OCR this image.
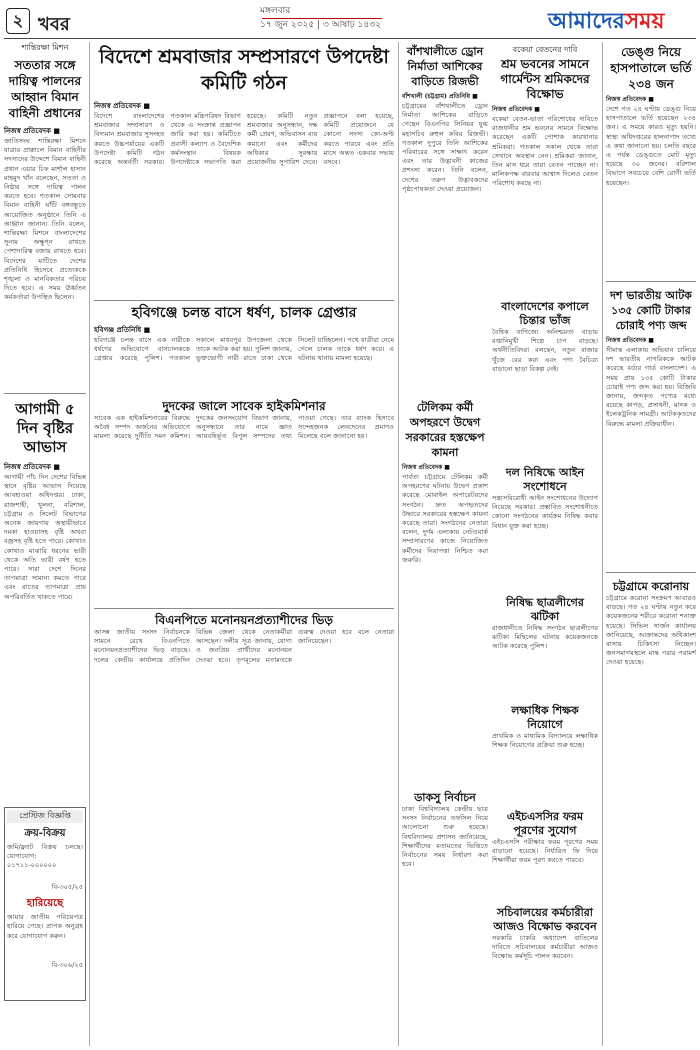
২ খবর
মঙ্গলবার
১৭ জুন ২০২৫ | ৩ আষাঢ় ১৪৩২	আমাদেরসময়
শান্তিরক্ষা মিশন
সততার সঙ্গে দায়িত্ব পালনের আহ্বান বিমান বাহিনী প্রধানের
নিজস্ব প্রতিবেদক ■
জাতিসংঘ শান্তিরক্ষা মিশনে যাত্রার প্রাক্কালে বিমান বাহিনীর সদস্যদের উদ্দেশে বিমান বাহিনী প্রধান এয়ার চিফ মার্শাল হাসান মাহমুদ খাঁন বলেছেন, সততা ও নিষ্ঠার সঙ্গে দায়িত্ব পালন করতে হবে। গতকাল সোমবার বিমান বাহিনী ঘাঁটি বঙ্গবন্ধুতে আয়োজিত অনুষ্ঠানে তিনি এ আহ্বান জানান। তিনি বলেন, শান্তিরক্ষা মিশনে বাংলাদেশের সুনাম অক্ষুণ্ন রাখতে পেশাদারিত্ব বজায় রাখতে হবে। বিদেশের মাটিতে দেশের প্রতিনিধি হিসেবে প্রত্যেককে শৃঙ্খলা ও মানবিকতার পরিচয় দিতে হবে। এ সময় ঊর্ধ্বতন কর্মকর্তারা উপস্থিত ছিলেন।
আগামী ৫ দিন বৃষ্টির আভাস
নিজস্ব প্রতিবেদক ■
আগামী পাঁচ দিন দেশের বিভিন্ন স্থানে বৃষ্টির আভাস দিয়েছে আবহাওয়া অধিদপ্তর। ঢাকা, রাজশাহী, খুলনা, বরিশাল, চট্টগ্রাম ও সিলেট বিভাগের অনেক জায়গায় অস্থায়ীভাবে দমকা হাওয়াসহ বৃষ্টি অথবা বজ্রসহ বৃষ্টি হতে পারে। কোথাও কোথাও মাঝারি ধরনের ভারী থেকে অতি ভারী বর্ষণ হতে পারে। সারা দেশে দিনের তাপমাত্রা সামান্য কমতে পারে এবং রাতের তাপমাত্রা প্রায় অপরিবর্তিত থাকতে পারে।
প্রেস্টিজ বিজ্ঞপ্তি
ক্রয়-বিক্রয়
জমি/ফ্ল্যাট বিক্রয় চলছে। যোগাযোগ: ০১৭১১-০০০০০০
বি-৩০৫/২৫
হারিয়েছে
আমার জাতীয় পরিচয়পত্র হারিয়ে গেছে। প্রাপক অনুগ্রহ করে যোগাযোগ করুন।
বি-৩০৬/২৫
বিদেশে শ্রমবাজার সম্প্রসারণে উপদেষ্টা কমিটি গঠন
নিজস্ব প্রতিবেদক ■
বিদেশে বাংলাদেশের শ্রমবাজার সম্প্রসারণ ও বিদ্যমান শ্রমবাজার সুসংহত করতে উচ্চপর্যায়ের একটি উপদেষ্টা কমিটি গঠন করেছে অন্তর্বর্তী সরকার। গতকাল মন্ত্রিপরিষদ বিভাগ থেকে এ সংক্রান্ত প্রজ্ঞাপন জারি করা হয়। কমিটিতে প্রবাসী কল্যাণ ও বৈদেশিক কর্মসংস্থান বিষয়ক উপদেষ্টাকে সভাপতি করা হয়েছে। কমিটি নতুন শ্রমবাজার অনুসন্ধান, দক্ষ কর্মী প্রেরণ, অভিবাসন ব্যয় কমানো এবং কর্মীদের অধিকার সুরক্ষায় প্রয়োজনীয় সুপারিশ দেবে। প্রজ্ঞাপনে বলা হয়েছে, কমিটি প্রয়োজনে যে কোনো সদস্য কো-অপ্ট করতে পারবে এবং প্রতি মাসে অন্তত একবার সভায় বসবে।
হবিগঞ্জে চলন্ত বাসে ধর্ষণ, চালক গ্রেপ্তার
হবিগঞ্জ প্রতিনিধি ■
হবিগঞ্জে চলন্ত বাসে এক নারীকে ধর্ষণের অভিযোগে বাসচালককে গ্রেপ্তার করেছে পুলিশ। গতকাল সকালে মাধবপুর উপজেলা থেকে তাকে আটক করা হয়। পুলিশ জানায়, ভুক্তভোগী নারী রাতে ঢাকা থেকে সিলেট যাচ্ছিলেন। পথে যাত্রীরা নেমে গেলে চালক তাকে ধর্ষণ করে। এ ঘটনায় থানায় মামলা হয়েছে।
দুদকের জালে সাবেক হাইকমিশনার
সাবেক এক হাইকমিশনারের বিরুদ্ধে অবৈধ সম্পদ অর্জনের অভিযোগে মামলা করেছে দুর্নীতি দমন কমিশন। দুদকের জনসংযোগ বিভাগ জানায়, অনুসন্ধানে তার নামে জ্ঞাত আয়বহির্ভূত বিপুল সম্পদের তথ্য পাওয়া গেছে। তার ব্যাংক হিসাবে সন্দেহজনক লেনদেনের প্রমাণও মিলেছে বলে জানানো হয়।
বিএনপিতে মনোনয়নপ্রত্যাশীদের ভিড়
আসন্ন জাতীয় সংসদ নির্বাচনকে সামনে রেখে বিএনপিতে মনোনয়নপ্রত্যাশীদের ভিড় বাড়ছে। দলের কেন্দ্রীয় কার্যালয়ে প্রতিদিন বিভিন্ন জেলা থেকে নেতাকর্মীরা আসছেন। দলীয় সূত্র জানায়, যোগ্য ও জনপ্রিয় প্রার্থীদের মনোনয়ন দেওয়া হবে। তৃণমূলের মতামতকে গুরুত্ব দেওয়া হবে বলে নেতারা জানিয়েছেন।
বাঁশখালীতে ড্রোন নির্মাতা আশিকের বাড়িতে রিজভী
বাঁশখালী (চট্টগ্রাম) প্রতিনিধি ■
চট্টগ্রামের বাঁশখালীতে ড্রোন নির্মাতা আশিকের বাড়িতে গেছেন বিএনপির সিনিয়র যুগ্ম মহাসচিব রুহুল কবির রিজভী। গতকাল দুপুরে তিনি আশিকের পরিবারের সঙ্গে সাক্ষাৎ করেন এবং তার উদ্ভাবনী কাজের প্রশংসা করেন। তিনি বলেন, দেশের তরুণ উদ্ভাবকদের পৃষ্ঠপোষকতা দেওয়া প্রয়োজন।
বকেয়া বেতনের দাবি
শ্রম ভবনের সামনে গার্মেন্টস শ্রমিকদের বিক্ষোভ
নিজস্ব প্রতিবেদক ■
বকেয়া বেতন-ভাতা পরিশোধের দাবিতে রাজধানীর শ্রম ভবনের সামনে বিক্ষোভ করেছেন একটি পোশাক কারখানার শ্রমিকরা। গতকাল সকাল থেকে তারা সেখানে অবস্থান নেন। শ্রমিকরা জানান, তিন মাস ধরে তারা বেতন পাচ্ছেন না। মালিকপক্ষ বারবার আশ্বাস দিলেও বেতন পরিশোধ করছে না।
টেলিকম কর্মী অপহরণে উদ্বেগ সরকারের হস্তক্ষেপ কামনা
নিজস্ব প্রতিবেদক ■
পার্বত্য চট্টগ্রামে টেলিকম কর্মী অপহরণের ঘটনায় উদ্বেগ প্রকাশ করেছে মোবাইল অপারেটরদের সংগঠন। দ্রুত অপহৃতদের উদ্ধারে সরকারের হস্তক্ষেপ কামনা করেছে তারা। সংগঠনের নেতারা বলেন, দুর্গম এলাকায় নেটওয়ার্ক সম্প্রসারণের কাজে নিয়োজিত কর্মীদের নিরাপত্তা নিশ্চিত করা জরুরি।
ডাকসু নির্বাচন
ঢাকা বিশ্ববিদ্যালয় কেন্দ্রীয় ছাত্র সংসদ নির্বাচনের তফসিল নিয়ে আলোচনা শুরু হয়েছে। বিশ্ববিদ্যালয় প্রশাসন জানিয়েছে, শিক্ষার্থীদের মতামতের ভিত্তিতে নির্বাচনের সময় নির্ধারণ করা হবে।
বাংলাদেশের কপালে চিন্তার ভাঁজ
বৈশ্বিক বাণিজ্যে অনিশ্চয়তা বাড়ায় রপ্তানিমুখী শিল্পে চাপ বাড়ছে। অর্থনীতিবিদরা বলছেন, নতুন বাজার খুঁজে বের করা এবং পণ্য বৈচিত্র্য বাড়ানো ছাড়া বিকল্প নেই।
দল নিষিদ্ধে আইন সংশোধনে
সন্ত্রাসবিরোধী আইন সংশোধনের উদ্যোগ নিয়েছে সরকার। প্রস্তাবিত সংশোধনীতে কোনো সংগঠনের কার্যক্রম নিষিদ্ধ করার বিধান যুক্ত করা হচ্ছে।
নিষিদ্ধ ছাত্রলীগের ঝটিকা
রাজধানীতে নিষিদ্ধ সংগঠন ছাত্রলীগের ঝটিকা মিছিলের ঘটনায় কয়েকজনকে আটক করেছে পুলিশ।
লক্ষাধিক শিক্ষক নিয়োগে
প্রাথমিক ও মাধ্যমিক বিদ্যালয়ে লক্ষাধিক শিক্ষক নিয়োগের প্রক্রিয়া শুরু হচ্ছে।
এইচএসসির ফরম পূরণের সুযোগ
এইচএসসি পরীক্ষার ফরম পূরণের সময় বাড়ানো হয়েছে। নির্ধারিত ফি দিয়ে শিক্ষার্থীরা ফরম পূরণ করতে পারবে।
সচিবালয়ের কর্মচারীরা আজও বিক্ষোভ করবেন
সরকারি চাকরি অধ্যাদেশ বাতিলের দাবিতে সচিবালয়ের কর্মচারীরা আজও বিক্ষোভ কর্মসূচি পালন করবেন।
ডেঙ্গু নিয়ে হাসপাতালে ভর্তি ২৩৪ জন
নিজস্ব প্রতিবেদক ■
দেশে গত ২৪ ঘণ্টায় ডেঙ্গু নিয়ে হাসপাতালে ভর্তি হয়েছেন ২৩৪ জন। এ সময়ে কারও মৃত্যু হয়নি। স্বাস্থ্য অধিদপ্তরের হালনাগাদ তথ্যে এ কথা জানানো হয়। চলতি বছরে এ পর্যন্ত ডেঙ্গুতে মোট মৃত্যু হয়েছে ৩০ জনের। বরিশাল বিভাগে সবচেয়ে বেশি রোগী ভর্তি হয়েছেন।
দশ ভারতীয় আটক ১৩৫ কোটি টাকার চোরাই পণ্য জব্দ
নিজস্ব প্রতিবেদক ■
সীমান্ত এলাকায় অভিযান চালিয়ে দশ ভারতীয় নাগরিককে আটক করেছে বর্ডার গার্ড বাংলাদেশ। এ সময় প্রায় ১৩৫ কোটি টাকার চোরাই পণ্য জব্দ করা হয়। বিজিবি জানায়, জব্দকৃত পণ্যের মধ্যে রয়েছে কাপড়, প্রসাধনী, মাদক ও ইলেকট্রনিক সামগ্রী। আটককৃতদের বিরুদ্ধে মামলা প্রক্রিয়াধীন।
চট্টগ্রামে করোনায়
চট্টগ্রামে করোনা সংক্রমণ আবারও বাড়ছে। গত ২৪ ঘণ্টায় নতুন করে কয়েকজনের শরীরে করোনা শনাক্ত হয়েছে। সিভিল সার্জন কার্যালয় জানিয়েছে, আক্রান্তদের অধিকাংশ বাসায় চিকিৎসা নিচ্ছেন। জনসমাগমস্থলে মাস্ক পরার পরামর্শ দেওয়া হয়েছে।
